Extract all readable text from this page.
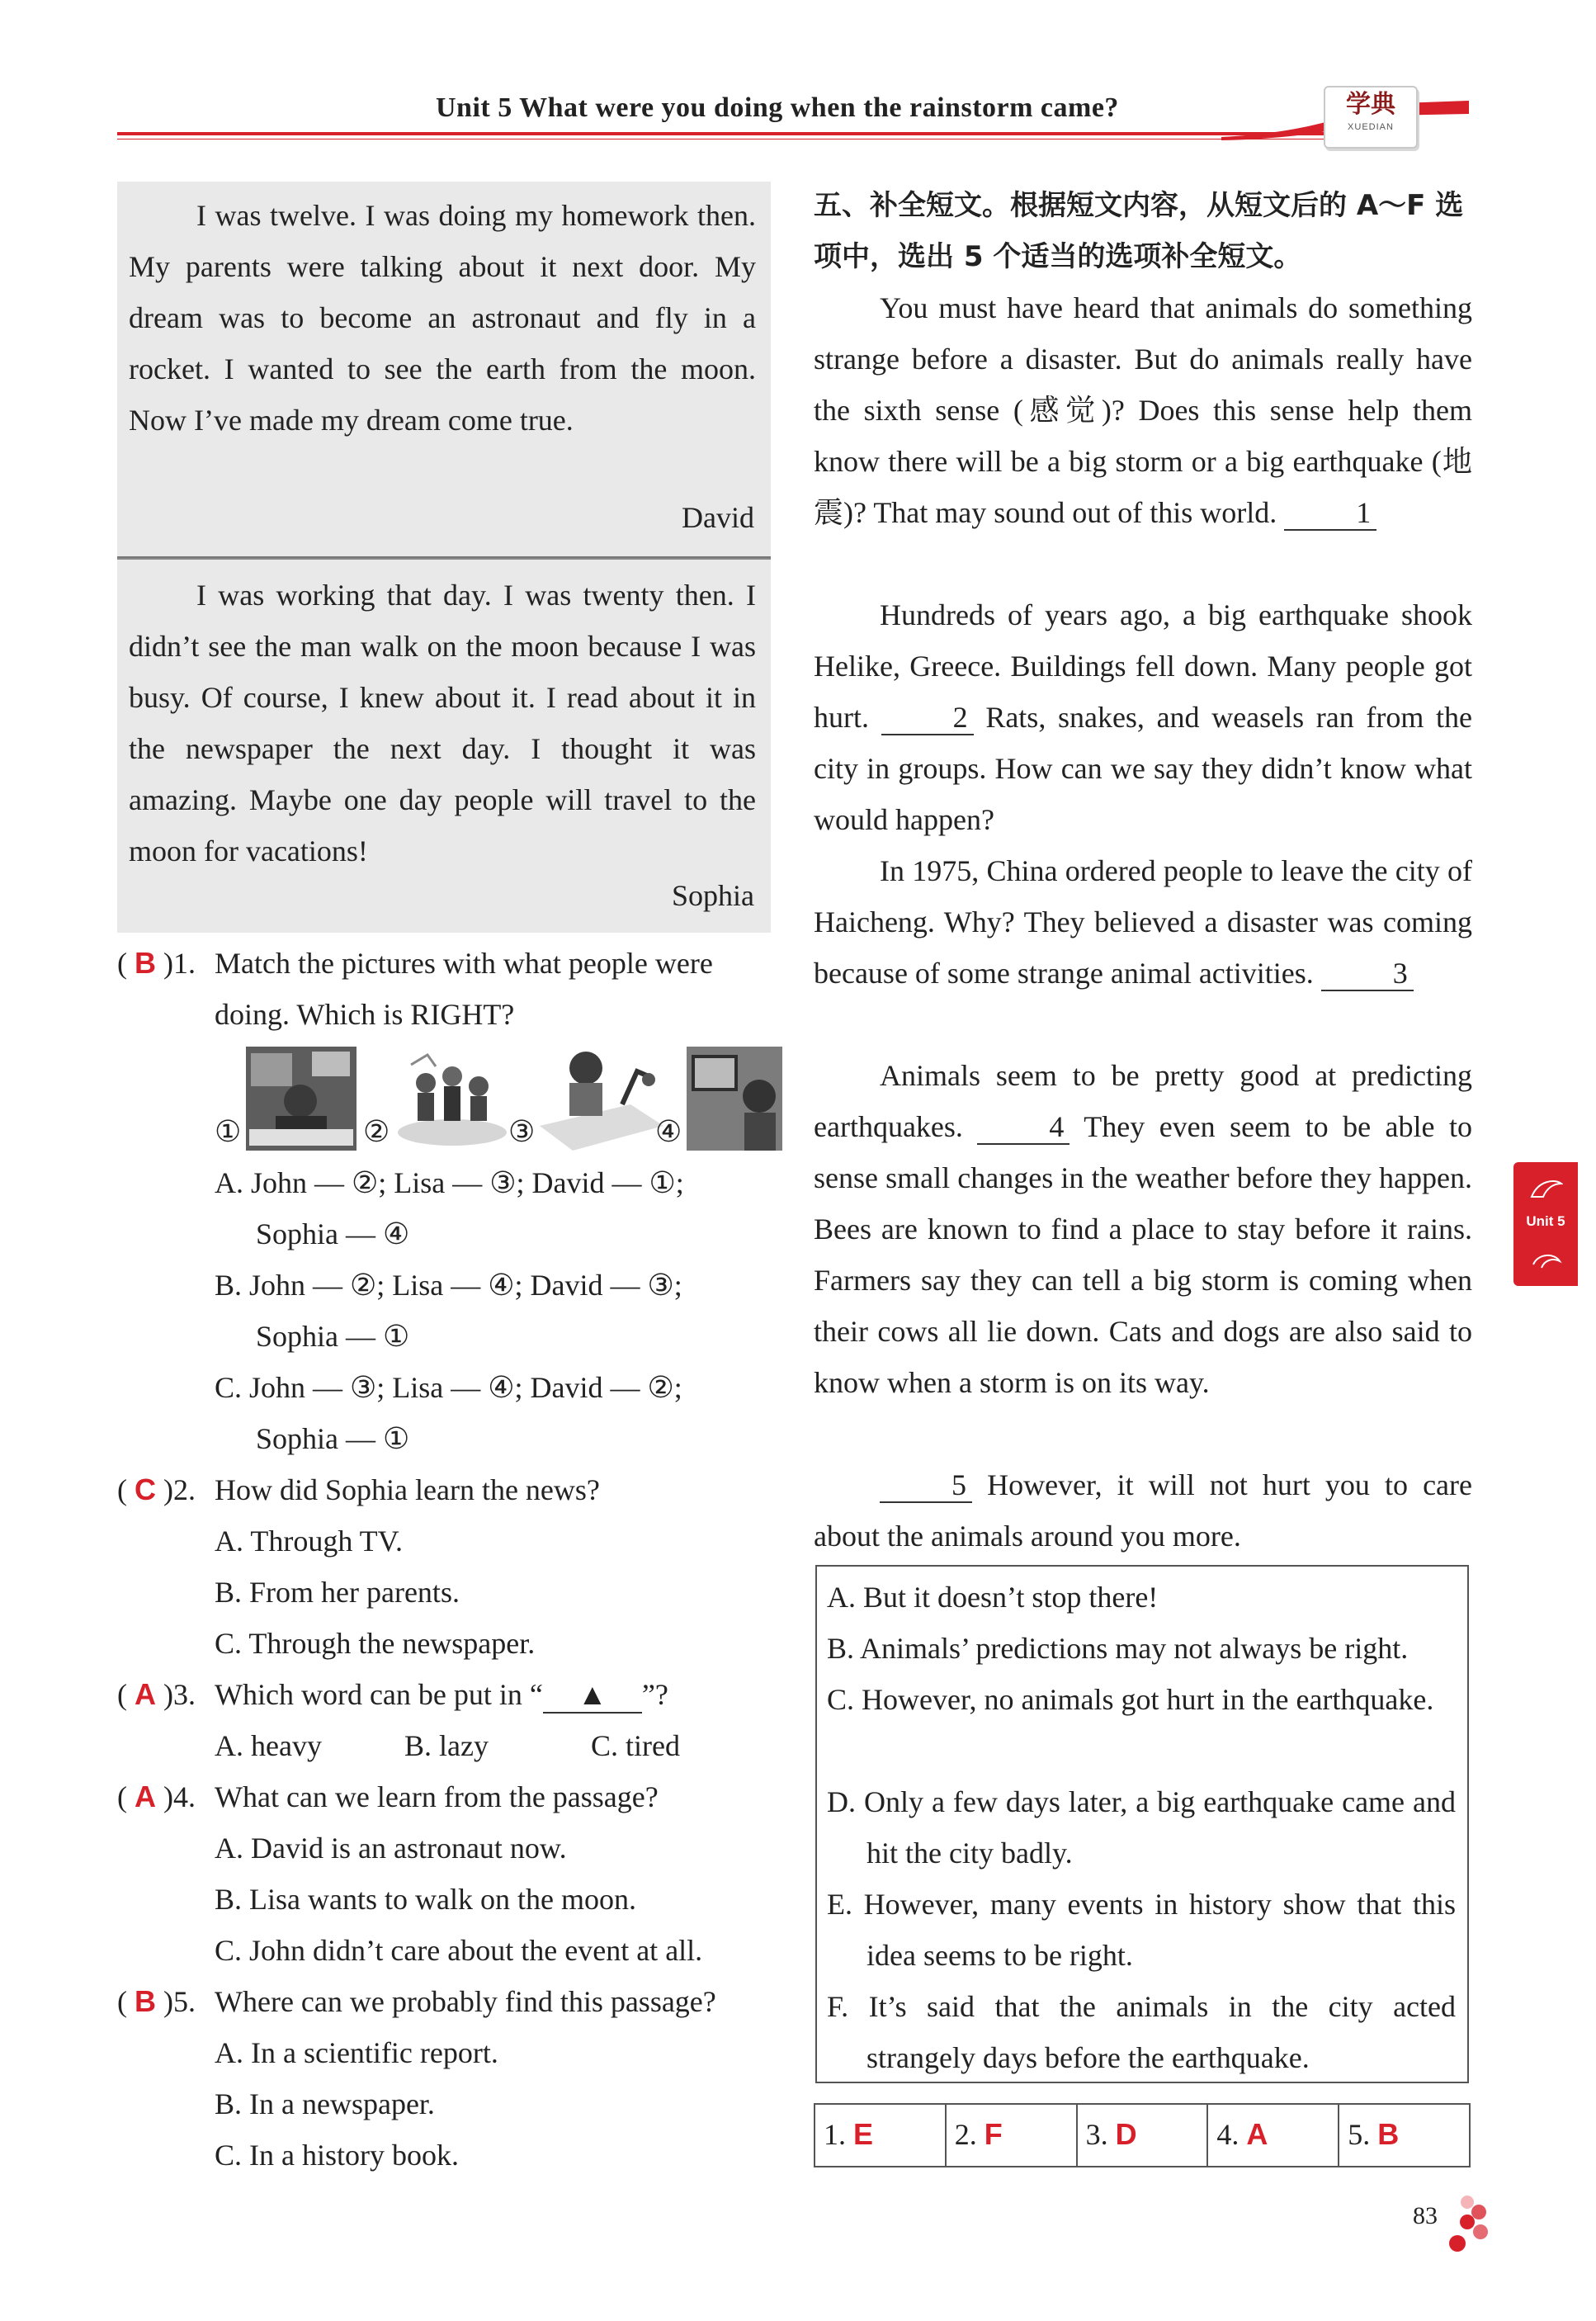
Unit 5 What were you doing when the rainstorm came?	学典
XUEDIAN
I was twelve. I was doing my homework then. My parents were talking about it next door. My dream was to become an astronaut and fly in a rocket. I wanted to see the earth from the moon. Now I’ve made my dream come true.
David
I was working that day. I was twenty then. I didn’t see the man walk on the moon because I was busy. Of course, I knew about it. I read about it in the newspaper the next day. I thought it was amazing. Maybe one day people will travel to the moon for vacations!
Sophia
( B )1. Match the pictures with what people were
doing. Which is RIGHT?
①	②	③	④
A. John — ②; Lisa — ③; David — ①;
Sophia — ④
B. John — ②; Lisa — ④; David — ③;
Sophia — ①
C. John — ③; Lisa — ④; David — ②;
Sophia — ①
( C )2. How did Sophia learn the news?
A. Through TV.
B. From her parents.
C. Through the newspaper.
( A )3. Which word can be put in “ ▲ ”?
A. heavy	B. lazy	C. tired
( A )4. What can we learn from the passage?
A. David is an astronaut now.
B. Lisa wants to walk on the moon.
C. John didn’t care about the event at all.
( B )5. Where can we probably find this passage?
A. In a scientific report.
B. In a newspaper.
C. In a history book.
五、补全短文。根据短文内容，从短文后的 A～F 选项中，选出 5 个适当的选项补全短文。
You must have heard that animals do something strange before a disaster. But do animals really have the sixth sense (感觉)? Does this sense help them know there will be a big storm or a big earthquake (地震)? That may sound out of this world.	1
Hundreds of years ago, a big earthquake shook Helike, Greece. Buildings fell down. Many people got hurt.	2 Rats, snakes, and weasels ran from the city in groups. How can we say they didn’t know what would happen?
In 1975, China ordered people to leave the city of Haicheng. Why? They believed a disaster was coming because of some strange animal activities.	3
Animals seem to be pretty good at predicting earthquakes.	4 They even seem to be able to sense small changes in the weather before they happen. Bees are known to find a place to stay before it rains. Farmers say they can tell a big storm is coming when their cows all lie down. Cats and dogs are also said to know when a storm is on its way.
5 However, it will not hurt you to care about the animals around you more.
A. But it doesn’t stop there!
B. Animals’ predictions may not always be right.
C. However, no animals got hurt in the earthquake.
D. Only a few days later, a big earthquake came and hit the city badly.
E. However, many events in history show that this idea seems to be right.
F. It’s said that the animals in the city acted strangely days before the earthquake.
1. E	2. F	3. D	4. A	5. B
Unit 5
83
